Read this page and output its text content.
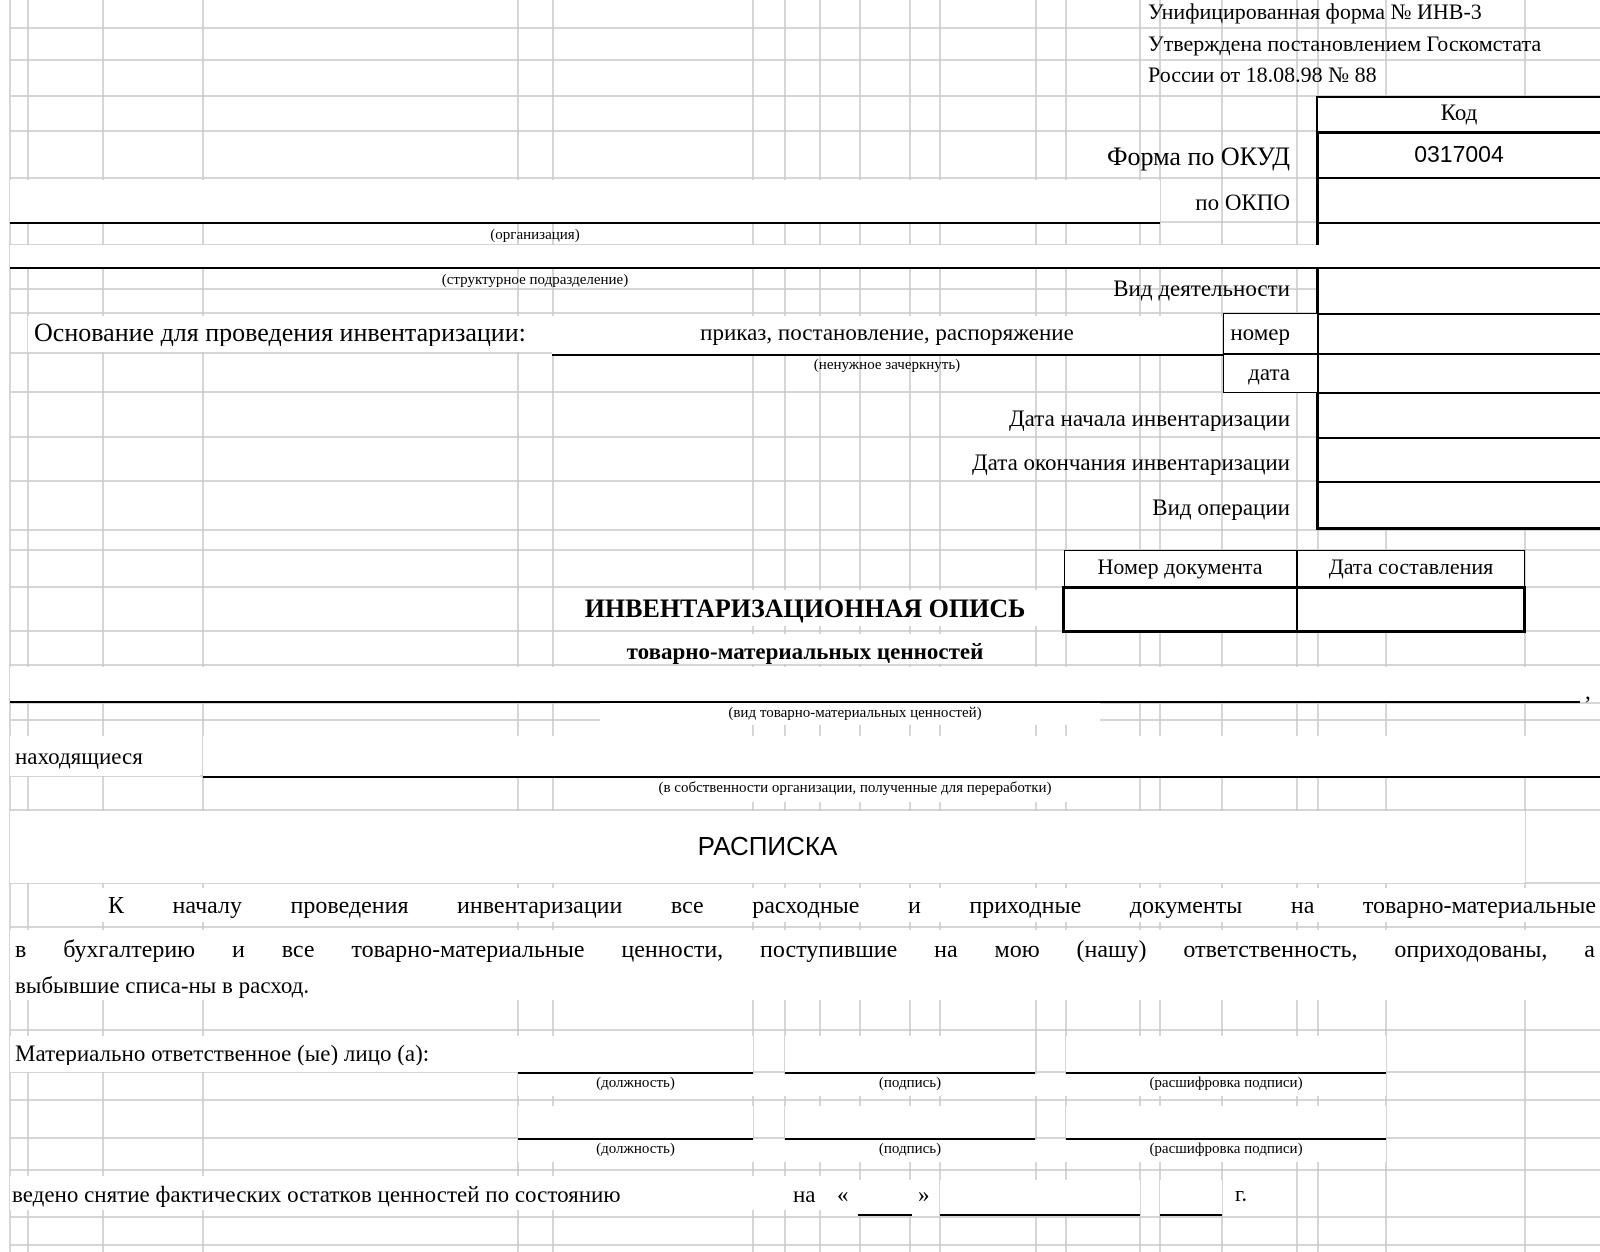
Унифицированная форма № ИНВ-3
Утверждена постановлением Госкомстата
России от 18.08.98 № 88
Код
Форма по ОКУД	0317004
по ОКПО
Вид деятельности
номер
дата
Дата начала инвентаризации
Дата окончания инвентаризации
Вид операции
(организация)
(структурное подразделение)
Основание для проведения инвентаризации:	приказ, постановление, распоряжение
(ненужное зачеркнуть)
Номер документа	Дата составления
ИНВЕНТАРИЗАЦИОННАЯ ОПИСЬ
товарно-материальных ценностей
,
(вид товарно-материальных ценностей)
находящиеся
(в собственности организации, полученные для переработки)
РАСПИСКА
К началу проведения инвентаризации все расходные и приходные документы на товарно-материальные
в бухгалтерию и все товарно-материальные ценности, поступившие на мою (нашу) ответственность, оприходованы, а
выбывшие списа-ны в расход.
Материально ответственное (ые) лицо (а):
(должность)	(подпись)	(расшифровка подписи)
(должность)	(подпись)	(расшифровка подписи)
ведено снятие фактических остатков ценностей по состоянию	на «	»	г.
